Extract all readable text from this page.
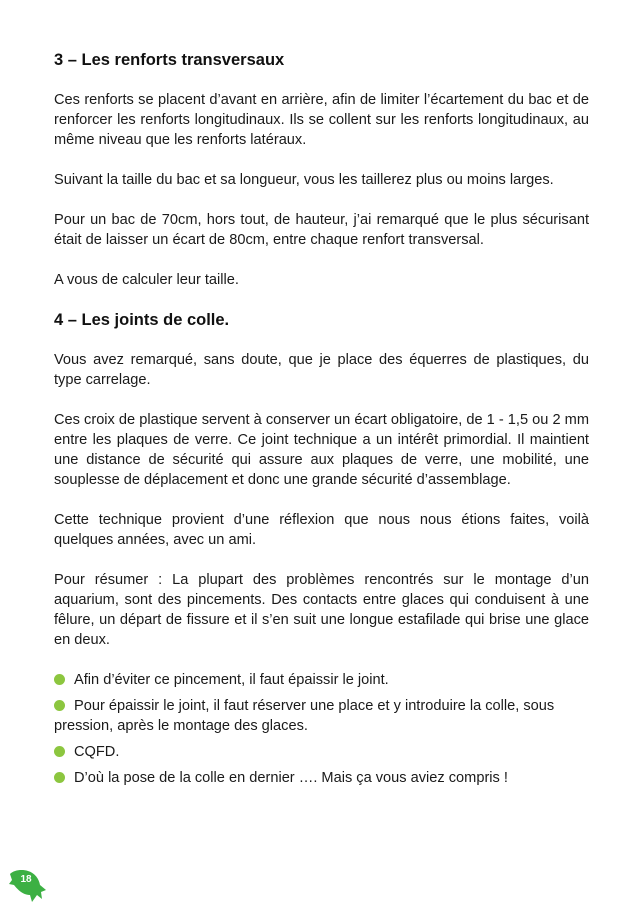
3 – Les renforts transversaux

Ces renforts se placent d’avant en arrière, afin de limiter l’écartement du bac et de renforcer les renforts longitudinaux. Ils se collent sur les renforts longitudinaux, au même niveau que les renforts latéraux.

Suivant la taille du bac et sa longueur, vous les taillerez plus ou moins larges.

Pour un bac de 70cm, hors tout, de hauteur, j’ai remarqué que le plus sécurisant était de laisser un écart de 80cm, entre chaque renfort transversal.

A vous de calculer leur taille.

4 – Les joints de colle.

Vous avez remarqué, sans doute, que je place des équerres de plastiques, du type carrelage.

Ces croix de plastique servent à conserver un écart obligatoire, de 1 - 1,5 ou 2 mm entre les plaques de verre. Ce joint technique a un intérêt primordial. Il maintient une distance de sécurité qui assure aux plaques de verre, une mobilité, une souplesse de déplacement et donc une grande sécurité d’assemblage.

Cette technique provient d’une réflexion que nous nous étions faites, voilà quelques années, avec un ami.

Pour résumer : La plupart des problèmes rencontrés sur le montage d’un aquarium, sont des pincements. Des contacts entre glaces qui conduisent à une fêlure, un départ de fissure et il s’en suit une longue estafilade qui brise une glace en deux.

Afin d’éviter ce pincement, il faut épaissir le joint.
Pour épaissir le joint, il faut réserver une place et y introduire la colle, sous pression, après le montage des glaces.
CQFD.
D’où la pose de la colle en dernier …. Mais ça vous aviez compris !
18
